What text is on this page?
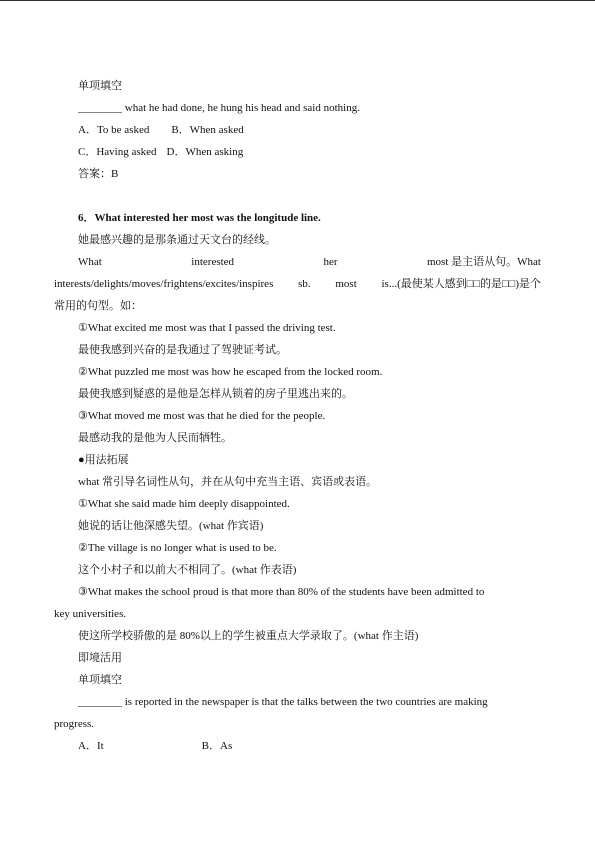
单项填空
________ what he had done, he hung his head and said nothing.
A．To be asked B．When asked
C．Having asked D．When asking
答案：B
6．What interested her most was the longitude line.
她最感兴趣的是那条通过天文台的经线。
What	interested	her	most 是主语从句。What
interests/delights/moves/frightens/excites/inspires sb. most is...(最使某人感到□□的是□□)是个
常用的句型。如：
①What excited me most was that I passed the driving test.
最使我感到兴奋的是我通过了驾驶证考试。
②What puzzled me most was how he escaped from the locked room.
最使我感到疑惑的是他是怎样从锁着的房子里逃出来的。
③What moved me most was that he died for the people.
最感动我的是他为人民而牺牲。
●用法拓展
what 常引导名词性从句，并在从句中充当主语、宾语或表语。
①What she said made him deeply disappointed.
她说的话让他深感失望。(what 作宾语)
②The village is no longer what is used to be.
这个小村子和以前大不相同了。(what 作表语)
③What makes the school proud is that more than 80% of the students have been admitted to
key universities.
使这所学校骄傲的是 80%以上的学生被重点大学录取了。(what 作主语)
即境活用
单项填空
________ is reported in the newspaper is that the talks between the two countries are making
progress.
A．It	B．As
